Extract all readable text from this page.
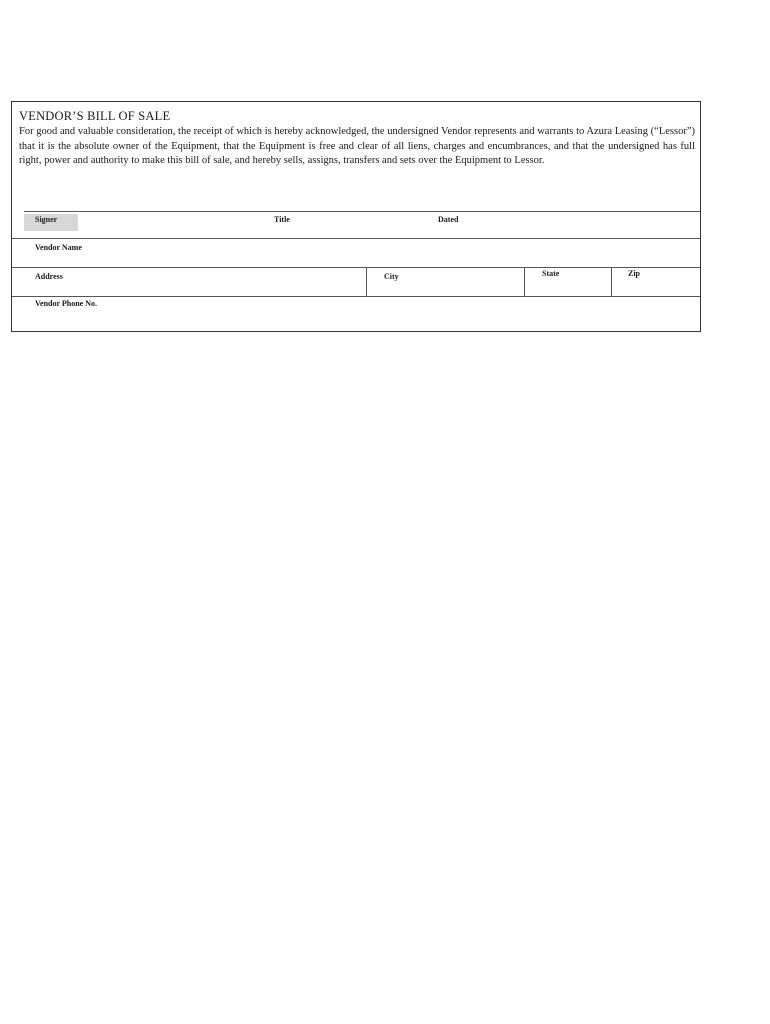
VENDOR’S BILL OF SALE
For good and valuable consideration, the receipt of which is hereby acknowledged, the undersigned Vendor represents and warrants to Azura Leasing (“Lessor”) that it is the absolute owner of the Equipment, that the Equipment is free and clear of all liens, charges and encumbrances, and that the undersigned has full right, power and authority to make this bill of sale, and hereby sells, assigns, transfers and sets over the Equipment to Lessor.
Signer	Title	Dated
Vendor Name
Address	City	State	Zip
Vendor Phone No.
